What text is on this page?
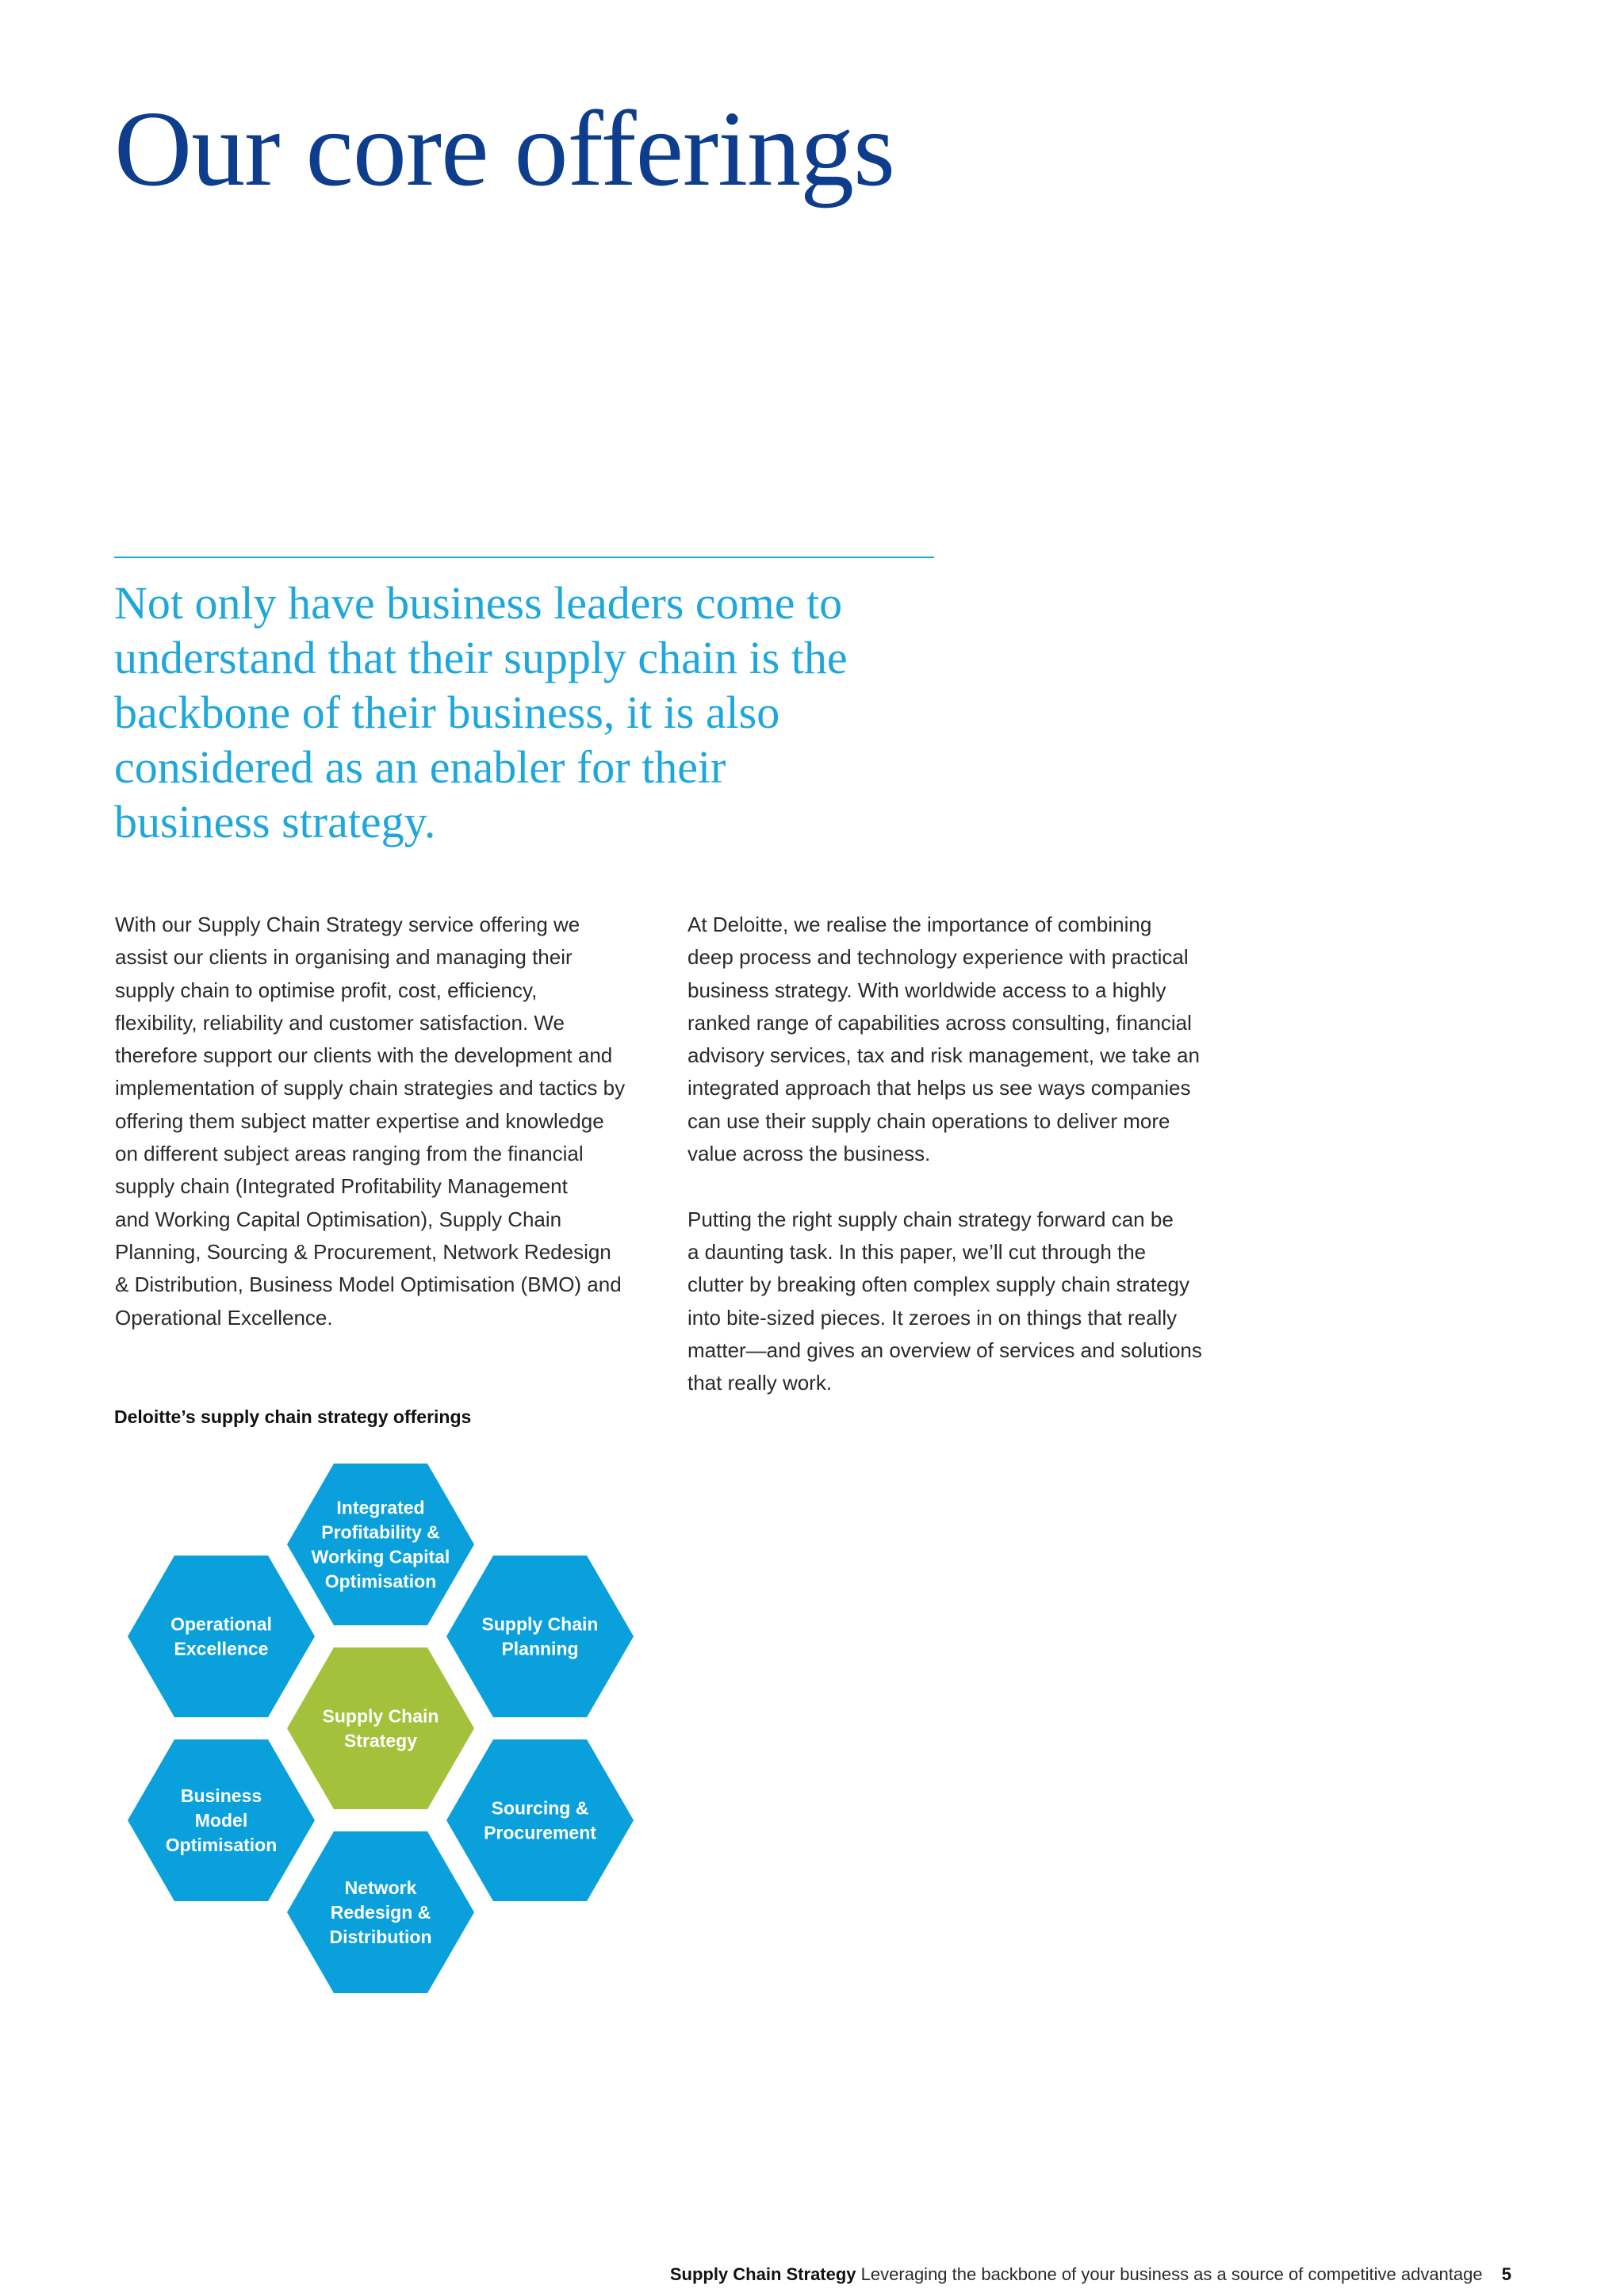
Our core offerings

Not only have business leaders come to
understand that their supply chain is the
backbone of their business, it is also
considered as an enabler for their
business strategy.

With our Supply Chain Strategy service offering we
assist our clients in organising and managing their
supply chain to optimise profit, cost, efficiency,
flexibility, reliability and customer satisfaction. We
therefore support our clients with the development and
implementation of supply chain strategies and tactics by
offering them subject matter expertise and knowledge
on different subject areas ranging from the financial
supply chain (Integrated Profitability Management
and Working Capital Optimisation), Supply Chain
Planning, Sourcing & Procurement, Network Redesign
& Distribution, Business Model Optimisation (BMO) and
Operational Excellence.
At Deloitte, we realise the importance of combining
deep process and technology experience with practical
business strategy. With worldwide access to a highly
ranked range of capabilities across consulting, financial
advisory services, tax and risk management, we take an
integrated approach that helps us see ways companies
can use their supply chain operations to deliver more
value across the business.
Putting the right supply chain strategy forward can be
a daunting task. In this paper, we’ll cut through the
clutter by breaking often complex supply chain strategy
into bite-sized pieces. It zeroes in on things that really
matter—and gives an overview of services and solutions
that really work.

Deloitte’s supply chain strategy offerings

Supply Chain
Strategy
Integrated
Profitability &
Working Capital
Optimisation
Supply Chain
Planning
Sourcing &
Procurement
Network
Redesign &
Distribution
Business
Model
Optimisation
Operational
Excellence
Supply Chain Strategy Leveraging the backbone of your business as a source of competitive advantage 5
